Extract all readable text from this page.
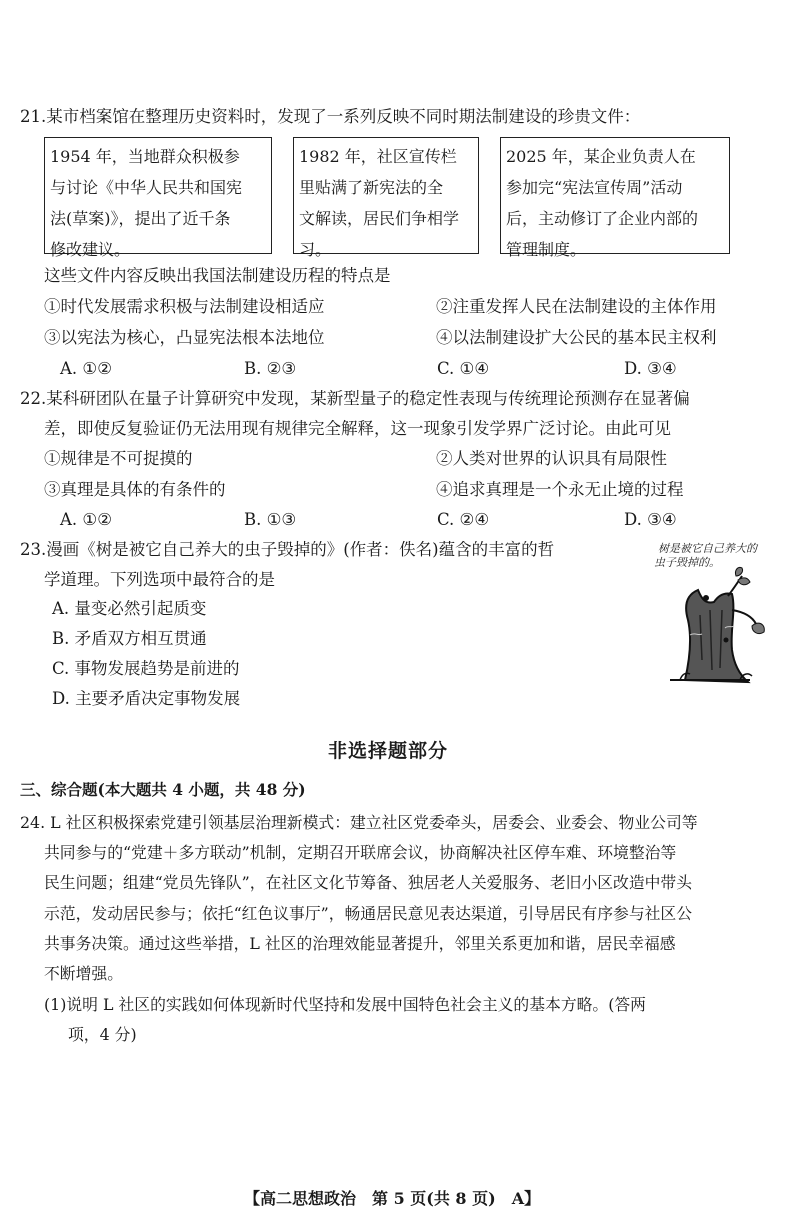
21.某市档案馆在整理历史资料时，发现了一系列反映不同时期法制建设的珍贵文件：
1954 年，当地群众积极参
与讨论《中华人民共和国宪
法(草案)》，提出了近千条
修改建议。
1982 年，社区宣传栏
里贴满了新宪法的全
文解读，居民们争相学
习。
2025 年，某企业负责人在
参加完“宪法宣传周”活动
后，主动修订了企业内部的
管理制度。
这些文件内容反映出我国法制建设历程的特点是
①时代发展需求积极与法制建设相适应	②注重发挥人民在法制建设的主体作用
③以宪法为核心，凸显宪法根本法地位	④以法制建设扩大公民的基本民主权利
A. ①②	B. ②③	C. ①④	D. ③④
22.某科研团队在量子计算研究中发现，某新型量子的稳定性表现与传统理论预测存在显著偏
差，即使反复验证仍无法用现有规律完全解释，这一现象引发学界广泛讨论。由此可见
①规律是不可捉摸的	②人类对世界的认识具有局限性
③真理是具体的有条件的	④追求真理是一个永无止境的过程
A. ①②	B. ①③	C. ②④	D. ③④
23.漫画《树是被它自己养大的虫子毁掉的》(作者：佚名)蕴含的丰富的哲
学道理。下列选项中最符合的是
A. 量变必然引起质变
B. 矛盾双方相互贯通
C. 事物发展趋势是前进的
D. 主要矛盾决定事物发展
树是被它自己养大的
虫子毁掉的。
非选择题部分
三、综合题(本大题共 4 小题，共 48 分)
24. L 社区积极探索党建引领基层治理新模式：建立社区党委牵头，居委会、业委会、物业公司等
共同参与的“党建＋多方联动”机制，定期召开联席会议，协商解决社区停车难、环境整治等
民生问题；组建“党员先锋队”，在社区文化节筹备、独居老人关爱服务、老旧小区改造中带头
示范，发动居民参与；依托“红色议事厅”，畅通居民意见表达渠道，引导居民有序参与社区公
共事务决策。通过这些举措，L 社区的治理效能显著提升，邻里关系更加和谐，居民幸福感
不断增强。
(1)说明 L 社区的实践如何体现新时代坚持和发展中国特色社会主义的基本方略。(答两
项，4 分)
【高二思想政治　第 5 页(共 8 页)　A】
